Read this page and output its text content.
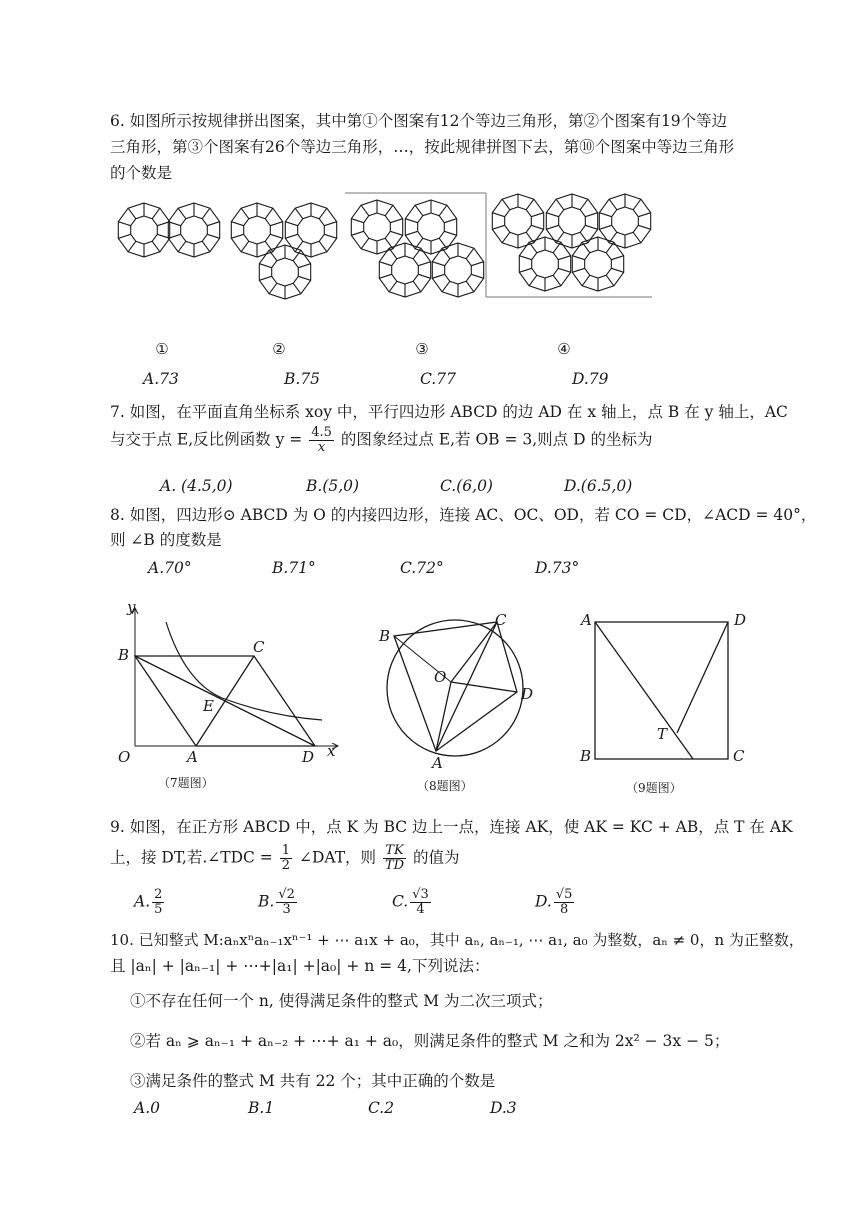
6. 如图所示按规律拼出图案，其中第①个图案有12个等边三角形，第②个图案有19个等边
三角形，第③个图案有26个等边三角形，…，按此规律拼图下去，第⑩个图案中等边三角形
的个数是
①	②	③	④
A.73	B.75	C.77	D.79
7. 如图，在平面直角坐标系 xoy 中，平行四边形 ABCD 的边 AD 在 x 轴上，点 B 在 y 轴上，AC
与交于点 E,反比例函数 $y = \frac{4.5}{x}$ 的图象经过点 E,若 OB = 3,则点 D 的坐标为
A. (4.5,0)	B.(5,0)	C.(6,0)	D.(6.5,0)
8. 如图，四边形⊙ ABCD 为 O 的内接四边形，连接 AC、OC、OD，若 CO = CD，∠ACD = 40°，
则 ∠B 的度数是
A.70°	B.71°	C.72°	D.73°
y
B	C
E
O	A	D x
（7题图）
B
C
O
D
A
（8题图）
A	D
T
B	C
（9题图）
9. 如图，在正方形 ABCD 中，点 K 为 BC 边上一点，连接 AK，使 AK = KC + AB，点 T 在 AK
上，接 DT,若.∠TDC = $\frac{1}{2}$ ∠DAT，则 $\frac{TK}{TD}$ 的值为
A. $\frac{2}{5}$	B. $\frac{√2}{3}$	C. $\frac{√3}{4}$	D. $\frac{√5}{8}$
10. 已知整式 M:aₙxⁿaₙ₋₁xⁿ⁻¹ + ⋯ a₁x + a₀，其中 aₙ, aₙ₋₁, ⋯ a₁, a₀ 为整数，aₙ ≠ 0，n 为正整数，
且 |aₙ| + |aₙ₋₁| + ⋯+|a₁| +|a₀| + n = 4,下列说法：
①不存在任何一个 n, 使得满足条件的整式 M 为二次三项式；
②若 aₙ ⩾ aₙ₋₁ + aₙ₋₂ + ⋯+ a₁ + a₀，则满足条件的整式 M 之和为 2x² − 3x − 5；
③满足条件的整式 M 共有 22 个；其中正确的个数是
A.0	B.1	C.2	D.3
